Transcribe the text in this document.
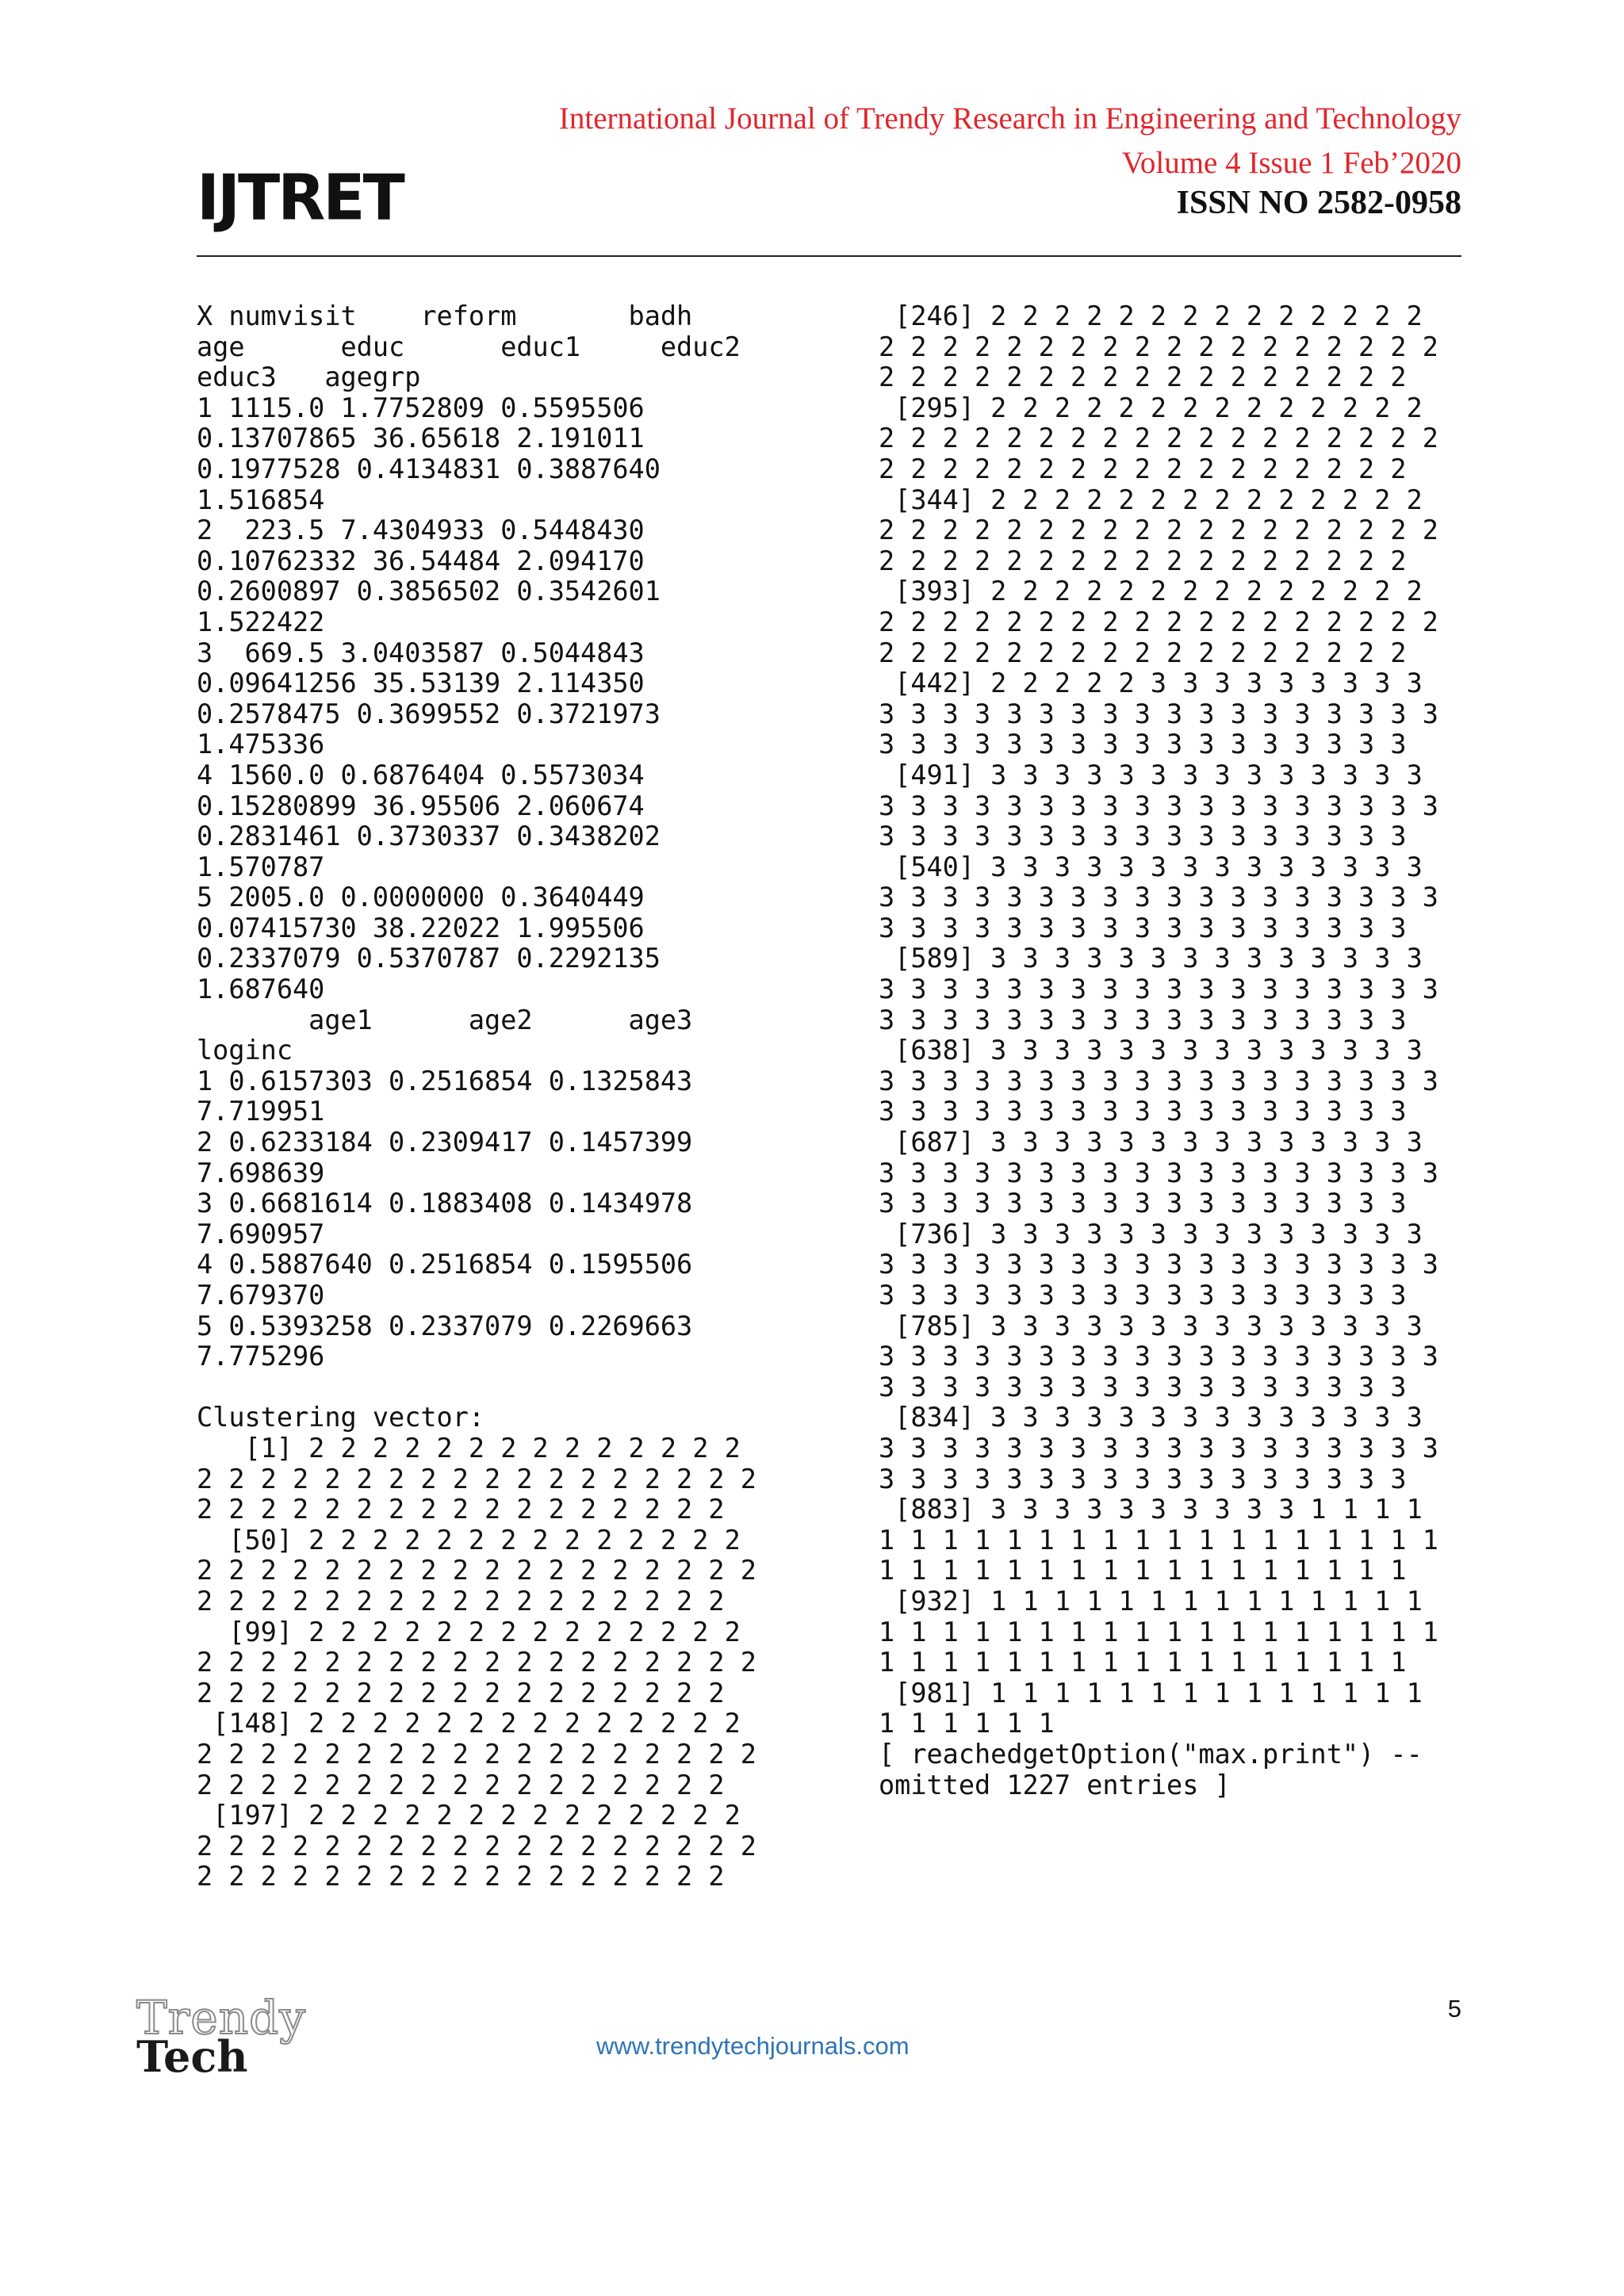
International Journal of Trendy Research in Engineering and Technology
Volume 4 Issue 1 Feb’2020
ISSN NO 2582-0958
IJTRET
X numvisit    reform       badh
age      educ      educ1     educ2
educ3   agegrp
1 1115.0 1.7752809 0.5595506
0.13707865 36.65618 2.191011
0.1977528 0.4134831 0.3887640
1.516854
2  223.5 7.4304933 0.5448430
0.10762332 36.54484 2.094170
0.2600897 0.3856502 0.3542601
1.522422
3  669.5 3.0403587 0.5044843
0.09641256 35.53139 2.114350
0.2578475 0.3699552 0.3721973
1.475336
4 1560.0 0.6876404 0.5573034
0.15280899 36.95506 2.060674
0.2831461 0.3730337 0.3438202
1.570787
5 2005.0 0.0000000 0.3640449
0.07415730 38.22022 1.995506
0.2337079 0.5370787 0.2292135
1.687640
age1      age2      age3
loginc
1 0.6157303 0.2516854 0.1325843
7.719951
2 0.6233184 0.2309417 0.1457399
7.698639
3 0.6681614 0.1883408 0.1434978
7.690957
4 0.5887640 0.2516854 0.1595506
7.679370
5 0.5393258 0.2337079 0.2269663
7.775296

Clustering vector:
[1] 2 2 2 2 2 2 2 2 2 2 2 2 2 2
2 2 2 2 2 2 2 2 2 2 2 2 2 2 2 2 2 2
2 2 2 2 2 2 2 2 2 2 2 2 2 2 2 2 2
[50] 2 2 2 2 2 2 2 2 2 2 2 2 2 2
2 2 2 2 2 2 2 2 2 2 2 2 2 2 2 2 2 2
2 2 2 2 2 2 2 2 2 2 2 2 2 2 2 2 2
[99] 2 2 2 2 2 2 2 2 2 2 2 2 2 2
2 2 2 2 2 2 2 2 2 2 2 2 2 2 2 2 2 2
2 2 2 2 2 2 2 2 2 2 2 2 2 2 2 2 2
[148] 2 2 2 2 2 2 2 2 2 2 2 2 2 2
2 2 2 2 2 2 2 2 2 2 2 2 2 2 2 2 2 2
2 2 2 2 2 2 2 2 2 2 2 2 2 2 2 2 2
[197] 2 2 2 2 2 2 2 2 2 2 2 2 2 2
2 2 2 2 2 2 2 2 2 2 2 2 2 2 2 2 2 2
2 2 2 2 2 2 2 2 2 2 2 2 2 2 2 2 2
[246] 2 2 2 2 2 2 2 2 2 2 2 2 2 2
2 2 2 2 2 2 2 2 2 2 2 2 2 2 2 2 2 2
2 2 2 2 2 2 2 2 2 2 2 2 2 2 2 2 2
[295] 2 2 2 2 2 2 2 2 2 2 2 2 2 2
2 2 2 2 2 2 2 2 2 2 2 2 2 2 2 2 2 2
2 2 2 2 2 2 2 2 2 2 2 2 2 2 2 2 2
[344] 2 2 2 2 2 2 2 2 2 2 2 2 2 2
2 2 2 2 2 2 2 2 2 2 2 2 2 2 2 2 2 2
2 2 2 2 2 2 2 2 2 2 2 2 2 2 2 2 2
[393] 2 2 2 2 2 2 2 2 2 2 2 2 2 2
2 2 2 2 2 2 2 2 2 2 2 2 2 2 2 2 2 2
2 2 2 2 2 2 2 2 2 2 2 2 2 2 2 2 2
[442] 2 2 2 2 2 3 3 3 3 3 3 3 3 3
3 3 3 3 3 3 3 3 3 3 3 3 3 3 3 3 3 3
3 3 3 3 3 3 3 3 3 3 3 3 3 3 3 3 3
[491] 3 3 3 3 3 3 3 3 3 3 3 3 3 3
3 3 3 3 3 3 3 3 3 3 3 3 3 3 3 3 3 3
3 3 3 3 3 3 3 3 3 3 3 3 3 3 3 3 3
[540] 3 3 3 3 3 3 3 3 3 3 3 3 3 3
3 3 3 3 3 3 3 3 3 3 3 3 3 3 3 3 3 3
3 3 3 3 3 3 3 3 3 3 3 3 3 3 3 3 3
[589] 3 3 3 3 3 3 3 3 3 3 3 3 3 3
3 3 3 3 3 3 3 3 3 3 3 3 3 3 3 3 3 3
3 3 3 3 3 3 3 3 3 3 3 3 3 3 3 3 3
[638] 3 3 3 3 3 3 3 3 3 3 3 3 3 3
3 3 3 3 3 3 3 3 3 3 3 3 3 3 3 3 3 3
3 3 3 3 3 3 3 3 3 3 3 3 3 3 3 3 3
[687] 3 3 3 3 3 3 3 3 3 3 3 3 3 3
3 3 3 3 3 3 3 3 3 3 3 3 3 3 3 3 3 3
3 3 3 3 3 3 3 3 3 3 3 3 3 3 3 3 3
[736] 3 3 3 3 3 3 3 3 3 3 3 3 3 3
3 3 3 3 3 3 3 3 3 3 3 3 3 3 3 3 3 3
3 3 3 3 3 3 3 3 3 3 3 3 3 3 3 3 3
[785] 3 3 3 3 3 3 3 3 3 3 3 3 3 3
3 3 3 3 3 3 3 3 3 3 3 3 3 3 3 3 3 3
3 3 3 3 3 3 3 3 3 3 3 3 3 3 3 3 3
[834] 3 3 3 3 3 3 3 3 3 3 3 3 3 3
3 3 3 3 3 3 3 3 3 3 3 3 3 3 3 3 3 3
3 3 3 3 3 3 3 3 3 3 3 3 3 3 3 3 3
[883] 3 3 3 3 3 3 3 3 3 3 1 1 1 1
1 1 1 1 1 1 1 1 1 1 1 1 1 1 1 1 1 1
1 1 1 1 1 1 1 1 1 1 1 1 1 1 1 1 1
[932] 1 1 1 1 1 1 1 1 1 1 1 1 1 1
1 1 1 1 1 1 1 1 1 1 1 1 1 1 1 1 1 1
1 1 1 1 1 1 1 1 1 1 1 1 1 1 1 1 1
[981] 1 1 1 1 1 1 1 1 1 1 1 1 1 1
1 1 1 1 1 1
[ reachedgetOption("max.print") --
omitted 1227 entries ]
Trendy
Tech
5
www.trendytechjournals.com
